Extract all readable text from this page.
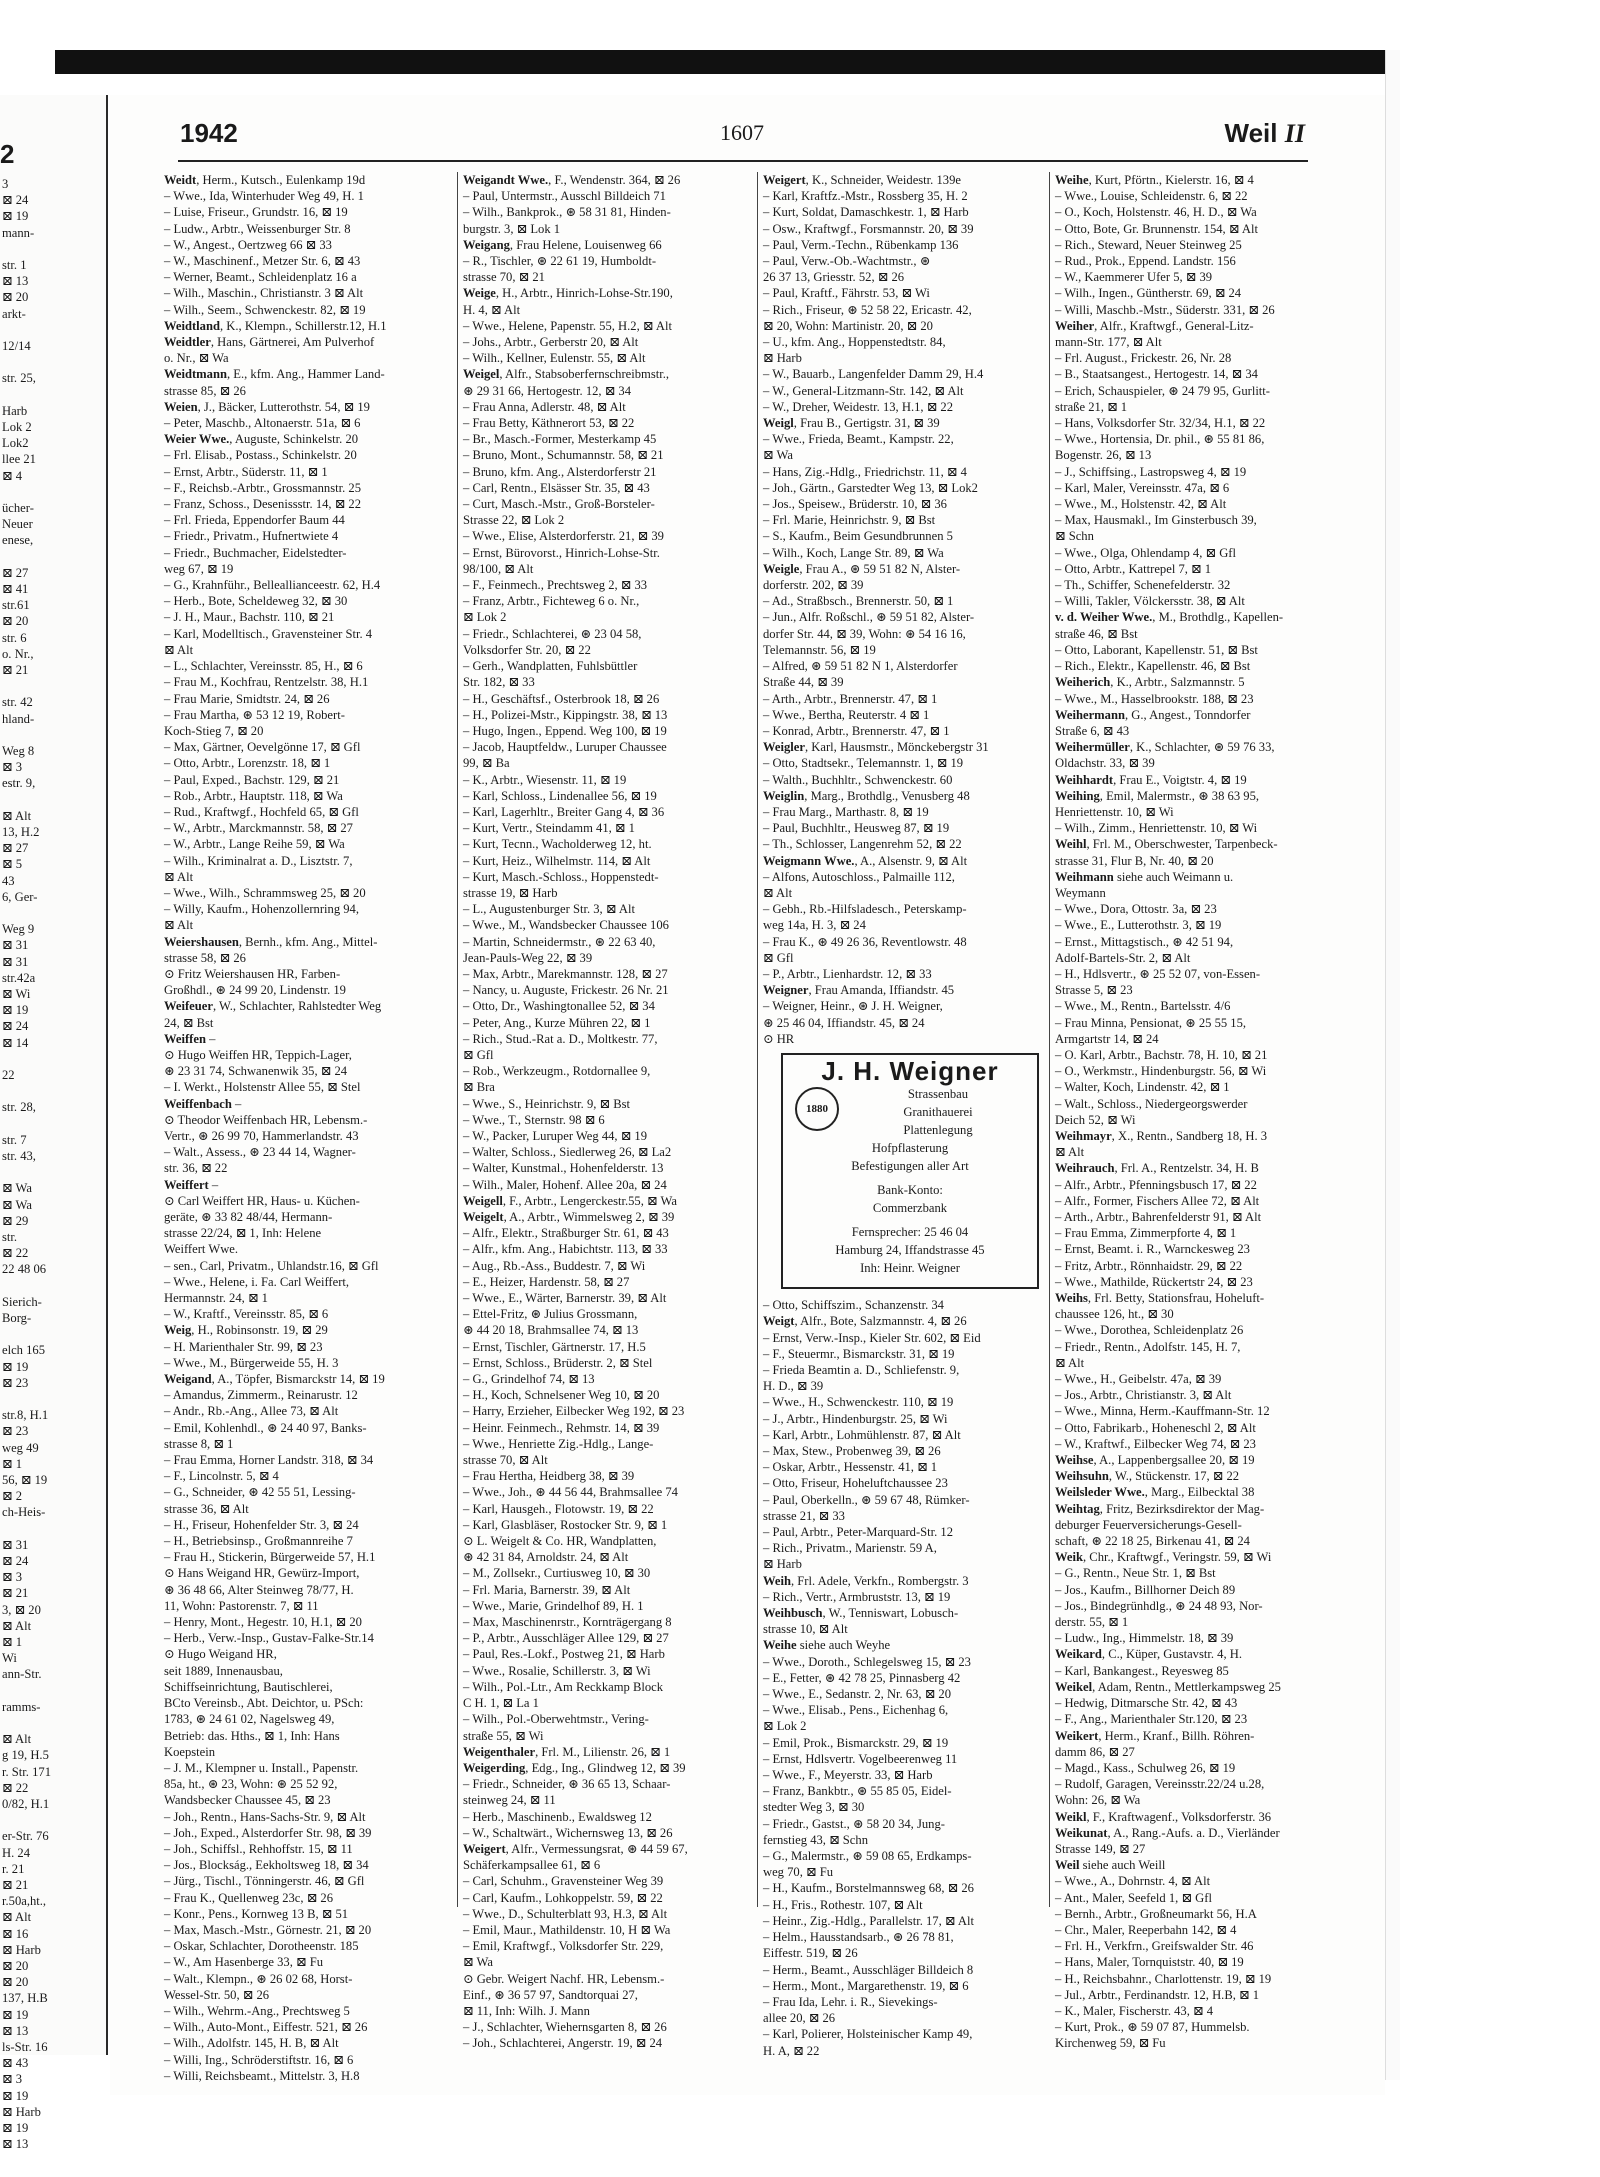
2
3
⊠ 24
⊠ 19
mann-
str. 1
⊠ 13
⊠ 20
arkt-
12/14
str. 25,
Harb
Lok 2
Lok2
llee 21
⊠ 4
ücher-
Neuer
enese,
⊠ 27
⊠ 41
str.61
⊠ 20
str. 6
o. Nr.,
⊠ 21
str. 42
hland-
Weg 8
⊠ 3
estr. 9,
⊠ Alt
13, H.2
⊠ 27
⊠ 5
43
6, Ger-
Weg 9
⊠ 31
⊠ 31
str.42a
⊠ Wi
⊠ 19
⊠ 24
⊠ 14
22
str. 28,
str. 7
str. 43,
⊠ Wa
⊠ Wa
⊠ 29
str.
⊠ 22
22 48 06
Sierich-
Borg-
elch 165
⊠ 19
⊠ 23
str.8, H.1
⊠ 23
weg 49
⊠ 1
56, ⊠ 19
⊠ 2
ch-Heis-
⊠ 31
⊠ 24
⊠ 3
⊠ 21
3, ⊠ 20
⊠ Alt
⊠ 1
Wi
ann-Str.
ramms-
⊠ Alt
g 19, H.5
r. Str. 171
⊠ 22
0/82, H.1
er-Str. 76
H. 24
r. 21
⊠ 21
r.50a,ht.,
⊠ Alt
⊠ 16
⊠ Harb
⊠ 20
⊠ 20
137, H.B
⊠ 19
⊠ 13
ls-Str. 16
⊠ 43
⊠ 3
⊠ 19
⊠ Harb
⊠ 19
⊠ 13
1942	1607	Weil II
Weidt, Herm., Kutsch., Eulenkamp 19d
– Wwe., Ida, Winterhuder Weg 49, H. 1
– Luise, Friseur., Grundstr. 16, ⊠ 19
– Ludw., Arbtr., Weissenburger Str. 8
– W., Angest., Oertzweg 66 ⊠ 33
– W., Maschinenf., Metzer Str. 6, ⊠ 43
– Werner, Beamt., Schleidenplatz 16 a
– Wilh., Maschin., Christianstr. 3 ⊠ Alt
– Wilh., Seem., Schwenckestr. 82, ⊠ 19
Weidtland, K., Klempn., Schillerstr.12, H.1
Weidtler, Hans, Gärtnerei, Am Pulverhof
o. Nr., ⊠ Wa
Weidtmann, E., kfm. Ang., Hammer Land-
strasse 85, ⊠ 26
Weien, J., Bäcker, Lutterothstr. 54, ⊠ 19
– Peter, Maschb., Altonaerstr. 51a, ⊠ 6
Weier Wwe., Auguste, Schinkelstr. 20
– Frl. Elisab., Postass., Schinkelstr. 20
– Ernst, Arbtr., Süderstr. 11, ⊠ 1
– F., Reichsb.-Arbtr., Grossmannstr. 25
– Franz, Schoss., Desenissstr. 14, ⊠ 22
– Frl. Frieda, Eppendorfer Baum 44
– Friedr., Privatm., Hufnertwiete 4
– Friedr., Buchmacher, Eidelstedter-
weg 67, ⊠ 19
– G., Krahnführ., Belleallianceestr. 62, H.4
– Herb., Bote, Scheldeweg 32, ⊠ 30
– J. H., Maur., Bachstr. 110, ⊠ 21
– Karl, Modelltisch., Gravensteiner Str. 4
⊠ Alt
– L., Schlachter, Vereinsstr. 85, H., ⊠ 6
– Frau M., Kochfrau, Rentzelstr. 38, H.1
– Frau Marie, Smidtstr. 24, ⊠ 26
– Frau Martha, ⊛ 53 12 19, Robert-
Koch-Stieg 7, ⊠ 20
– Max, Gärtner, Oevelgönne 17, ⊠ Gfl
– Otto, Arbtr., Lorenzstr. 18, ⊠ 1
– Paul, Exped., Bachstr. 129, ⊠ 21
– Rob., Arbtr., Hauptstr. 118, ⊠ Wa
– Rud., Kraftwgf., Hochfeld 65, ⊠ Gfl
– W., Arbtr., Marckmannstr. 58, ⊠ 27
– W., Arbtr., Lange Reihe 59, ⊠ Wa
– Wilh., Kriminalrat a. D., Lisztstr. 7,
⊠ Alt
– Wwe., Wilh., Schrammsweg 25, ⊠ 20
– Willy, Kaufm., Hohenzollernring 94,
⊠ Alt
Weiershausen, Bernh., kfm. Ang., Mittel-
strasse 58, ⊠ 26
⊙ Fritz Weiershausen HR, Farben-
Großhdl., ⊛ 24 99 20, Lindenstr. 19
Weifeuer, W., Schlachter, Rahlstedter Weg
24, ⊠ Bst
Weiffen –
⊙ Hugo Weiffen HR, Teppich-Lager,
⊛ 23 31 74, Schwanenwik 35, ⊠ 24
– I. Werkt., Holstenstr Allee 55, ⊠ Stel
Weiffenbach –
⊙ Theodor Weiffenbach HR, Lebensm.-
Vertr., ⊛ 26 99 70, Hammerlandstr. 43
– Walt., Assess., ⊛ 23 44 14, Wagner-
str. 36, ⊠ 22
Weiffert –
⊙ Carl Weiffert HR, Haus- u. Küchen-
geräte, ⊛ 33 82 48/44, Hermann-
strasse 22/24, ⊠ 1, Inh: Helene
Weiffert Wwe.
– sen., Carl, Privatm., Uhlandstr.16, ⊠ Gfl
– Wwe., Helene, i. Fa. Carl Weiffert,
Hermannstr. 24, ⊠ 1
– W., Kraftf., Vereinsstr. 85, ⊠ 6
Weig, H., Robinsonstr. 19, ⊠ 29
– H. Marienthaler Str. 99, ⊠ 23
– Wwe., M., Bürgerweide 55, H. 3
Weigand, A., Töpfer, Bismarckstr 14, ⊠ 19
– Amandus, Zimmerm., Reinarustr. 12
– Andr., Rb.-Ang., Allee 73, ⊠ Alt
– Emil, Kohlenhdl., ⊛ 24 40 97, Banks-
strasse 8, ⊠ 1
– Frau Emma, Horner Landstr. 318, ⊠ 34
– F., Lincolnstr. 5, ⊠ 4
– G., Schneider, ⊛ 42 55 51, Lessing-
strasse 36, ⊠ Alt
– H., Friseur, Hohenfelder Str. 3, ⊠ 24
– H., Betriebsinsp., Großmannreihe 7
– Frau H., Stickerin, Bürgerweide 57, H.1
⊙ Hans Weigand HR, Gewürz-Import,
⊛ 36 48 66, Alter Steinweg 78/77, H.
11, Wohn: Pastorenstr. 7, ⊠ 11
– Henry, Mont., Hegestr. 10, H.1, ⊠ 20
– Herb., Verw.-Insp., Gustav-Falke-Str.14
⊙ Hugo Weigand HR,
seit 1889, Innenausbau,
Schiffseinrichtung, Bautischlerei,
BCto Vereinsb., Abt. Deichtor, u. PSch:
1783, ⊛ 24 61 02, Nagelsweg 49,
Betrieb: das. Hths., ⊠ 1, Inh: Hans
Koepstein
– J. M., Klempner u. Install., Papenstr.
85a, ht., ⊛ 23, Wohn: ⊛ 25 52 92,
Wandsbecker Chaussee 45, ⊠ 23
– Joh., Rentn., Hans-Sachs-Str. 9, ⊠ Alt
– Joh., Exped., Alsterdorfer Str. 98, ⊠ 39
– Joh., Schiffsl., Rehhoffstr. 15, ⊠ 11
– Jos., Blockság., Eekholtsweg 18, ⊠ 34
– Jürg., Tischl., Tönningerstr. 46, ⊠ Gfl
– Frau K., Quellenweg 23c, ⊠ 26
– Konr., Pens., Kornweg 13 B, ⊠ 51
– Max, Masch.-Mstr., Görnestr. 21, ⊠ 20
– Oskar, Schlachter, Dorotheenstr. 185
– W., Am Hasenberge 33, ⊠ Fu
– Walt., Klempn., ⊛ 26 02 68, Horst-
Wessel-Str. 50, ⊠ 26
– Wilh., Wehrm.-Ang., Prechtsweg 5
– Wilh., Auto-Mont., Eiffestr. 521, ⊠ 26
– Wilh., Adolfstr. 145, H. B, ⊠ Alt
– Willi, Ing., Schröderstiftstr. 16, ⊠ 6
– Willi, Reichsbeamt., Mittelstr. 3, H.8
Weigandt Wwe., F., Wendenstr. 364, ⊠ 26
– Paul, Untermstr., Ausschl Billdeich 71
– Wilh., Bankprok., ⊛ 58 31 81, Hinden-
burgstr. 3, ⊠ Lok 1
Weigang, Frau Helene, Louisenweg 66
– R., Tischler, ⊛ 22 61 19, Humboldt-
strasse 70, ⊠ 21
Weige, H., Arbtr., Hinrich-Lohse-Str.190,
H. 4, ⊠ Alt
– Wwe., Helene, Papenstr. 55, H.2, ⊠ Alt
– Johs., Arbtr., Gerberstr 20, ⊠ Alt
– Wilh., Kellner, Eulenstr. 55, ⊠ Alt
Weigel, Alfr., Stabsoberfernschreibmstr.,
⊛ 29 31 66, Hertogestr. 12, ⊠ 34
– Frau Anna, Adlerstr. 48, ⊠ Alt
– Frau Betty, Käthnerort 53, ⊠ 22
– Br., Masch.-Former, Mesterkamp 45
– Bruno, Mont., Schumannstr. 58, ⊠ 21
– Bruno, kfm. Ang., Alsterdorferstr 21
– Carl, Rentn., Elsässer Str. 35, ⊠ 43
– Curt, Masch.-Mstr., Groß-Borsteler-
Strasse 22, ⊠ Lok 2
– Wwe., Elise, Alsterdorferstr. 21, ⊠ 39
– Ernst, Bürovorst., Hinrich-Lohse-Str.
98/100, ⊠ Alt
– F., Feinmech., Prechtsweg 2, ⊠ 33
– Franz, Arbtr., Fichteweg 6 o. Nr.,
⊠ Lok 2
– Friedr., Schlachterei, ⊛ 23 04 58,
Volksdorfer Str. 20, ⊠ 22
– Gerh., Wandplatten, Fuhlsbüttler
Str. 182, ⊠ 33
– H., Geschäftsf., Osterbrook 18, ⊠ 26
– H., Polizei-Mstr., Kippingstr. 38, ⊠ 13
– Hugo, Ingen., Eppend. Weg 100, ⊠ 19
– Jacob, Hauptfeldw., Luruper Chaussee
99, ⊠ Ba
– K., Arbtr., Wiesenstr. 11, ⊠ 19
– Karl, Schloss., Lindenallee 56, ⊠ 19
– Karl, Lagerhltr., Breiter Gang 4, ⊠ 36
– Kurt, Vertr., Steindamm 41, ⊠ 1
– Kurt, Tecnn., Wacholderweg 12, ht.
– Kurt, Heiz., Wilhelmstr. 114, ⊠ Alt
– Kurt, Masch.-Schloss., Hoppenstedt-
strasse 19, ⊠ Harb
– L., Augustenburger Str. 3, ⊠ Alt
– Wwe., M., Wandsbecker Chaussee 106
– Martin, Schneidermstr., ⊛ 22 63 40,
Jean-Pauls-Weg 22, ⊠ 39
– Max, Arbtr., Marekmannstr. 128, ⊠ 27
– Nancy, u. Auguste, Frickestr. 26 Nr. 21
– Otto, Dr., Washingtonallee 52, ⊠ 34
– Peter, Ang., Kurze Mühren 22, ⊠ 1
– Rich., Stud.-Rat a. D., Moltkestr. 77,
⊠ Gfl
– Rob., Werkzeugm., Rotdornallee 9,
⊠ Bra
– Wwe., S., Heinrichstr. 9, ⊠ Bst
– Wwe., T., Sternstr. 98 ⊠ 6
– W., Packer, Luruper Weg 44, ⊠ 19
– Walter, Schloss., Siedlerweg 26, ⊠ La2
– Walter, Kunstmal., Hohenfelderstr. 13
– Wilh., Maler, Hohenf. Allee 20a, ⊠ 24
Weigell, F., Arbtr., Lengerckestr.55, ⊠ Wa
Weigelt, A., Arbtr., Wimmelsweg 2, ⊠ 39
– Alfr., Elektr., Straßburger Str. 61, ⊠ 43
– Alfr., kfm. Ang., Habichtstr. 113, ⊠ 33
– Aug., Rb.-Ass., Buddestr. 7, ⊠ Wi
– E., Heizer, Hardenstr. 58, ⊠ 27
– Wwe., E., Wärter, Barnerstr. 39, ⊠ Alt
– Ettel-Fritz, ⊛ Julius Grossmann,
⊛ 44 20 18, Brahmsallee 74, ⊠ 13
– Ernst, Tischler, Gärtnerstr. 17, H.5
– Ernst, Schloss., Brüderstr. 2, ⊠ Stel
– G., Grindelhof 74, ⊠ 13
– H., Koch, Schnelsener Weg 10, ⊠ 20
– Harry, Erzieher, Eilbecker Weg 192, ⊠ 23
– Heinr. Feinmech., Rehmstr. 14, ⊠ 39
– Wwe., Henriette Zig.-Hdlg., Lange-
strasse 70, ⊠ Alt
– Frau Hertha, Heidberg 38, ⊠ 39
– Wwe., Joh., ⊛ 44 56 44, Brahmsallee 74
– Karl, Hausgeh., Flotowstr. 19, ⊠ 22
– Karl, Glasbläser, Rostocker Str. 9, ⊠ 1
⊙ L. Weigelt & Co. HR, Wandplatten,
⊛ 42 31 84, Arnoldstr. 24, ⊠ Alt
– M., Zollsekr., Curtiusweg 10, ⊠ 30
– Frl. Maria, Barnerstr. 39, ⊠ Alt
– Wwe., Marie, Grindelhof 89, H. 1
– Max, Maschinenrstr., Kornträgergang 8
– P., Arbtr., Ausschläger Allee 129, ⊠ 27
– Paul, Res.-Lokf., Postweg 21, ⊠ Harb
– Wwe., Rosalie, Schillerstr. 3, ⊠ Wi
– Wilh., Pol.-Ltr., Am Reckkamp Block
C H. 1, ⊠ La 1
– Wilh., Pol.-Oberwehtmstr., Vering-
straße 55, ⊠ Wi
Weigenthaler, Frl. M., Lilienstr. 26, ⊠ 1
Weigerding, Edg., Ing., Glindweg 12, ⊠ 39
– Friedr., Schneider, ⊛ 36 65 13, Schaar-
steinweg 24, ⊠ 11
– Herb., Maschinenb., Ewaldsweg 12
– W., Schaltwärt., Wichernsweg 13, ⊠ 26
Weigert, Alfr., Vermessungsrat, ⊛ 44 59 67,
Schäferkampsallee 61, ⊠ 6
– Carl, Schuhm., Gravensteiner Weg 39
– Carl, Kaufm., Lohkoppelstr. 59, ⊠ 22
– Wwe., D., Schulterblatt 93, H.3, ⊠ Alt
– Emil, Maur., Mathildenstr. 10, H ⊠ Wa
– Emil, Kraftwgf., Volksdorfer Str. 229,
⊠ Wa
⊙ Gebr. Weigert Nachf. HR, Lebensm.-
Einf., ⊛ 36 57 97, Sandtorquai 27,
⊠ 11, Inh: Wilh. J. Mann
– J., Schlachter, Wiehernsgarten 8, ⊠ 26
– Joh., Schlachterei, Angerstr. 19, ⊠ 24
Weigert, K., Schneider, Weidestr. 139e
– Karl, Kraftfz.-Mstr., Rossberg 35, H. 2
– Kurt, Soldat, Damaschkestr. 1, ⊠ Harb
– Osw., Kraftwgf., Forsmannstr. 20, ⊠ 39
– Paul, Verm.-Techn., Rübenkamp 136
– Paul, Verw.-Ob.-Wachtmstr., ⊛
26 37 13, Griesstr. 52, ⊠ 26
– Paul, Kraftf., Fährstr. 53, ⊠ Wi
– Rich., Friseur, ⊛ 52 58 22, Ericastr. 42,
⊠ 20, Wohn: Martinistr. 20, ⊠ 20
– U., kfm. Ang., Hoppenstedtstr. 84,
⊠ Harb
– W., Bauarb., Langenfelder Damm 29, H.4
– W., General-Litzmann-Str. 142, ⊠ Alt
– W., Dreher, Weidestr. 13, H.1, ⊠ 22
Weigl, Frau B., Gertigstr. 31, ⊠ 39
– Wwe., Frieda, Beamt., Kampstr. 22,
⊠ Wa
– Hans, Zig.-Hdlg., Friedrichstr. 11, ⊠ 4
– Joh., Gärtn., Garstedter Weg 13, ⊠ Lok2
– Jos., Speisew., Brüderstr. 10, ⊠ 36
– Frl. Marie, Heinrichstr. 9, ⊠ Bst
– S., Kaufm., Beim Gesundbrunnen 5
– Wilh., Koch, Lange Str. 89, ⊠ Wa
Weigle, Frau A., ⊛ 59 51 82 N, Alster-
dorferstr. 202, ⊠ 39
– Ad., Straßbsch., Brennerstr. 50, ⊠ 1
– Jun., Alfr. Roßschl., ⊛ 59 51 82, Alster-
dorfer Str. 44, ⊠ 39, Wohn: ⊛ 54 16 16,
Telemannstr. 56, ⊠ 19
– Alfred, ⊛ 59 51 82 N 1, Alsterdorfer
Straße 44, ⊠ 39
– Arth., Arbtr., Brennerstr. 47, ⊠ 1
– Wwe., Bertha, Reuterstr. 4 ⊠ 1
– Konrad, Arbtr., Brennerstr. 47, ⊠ 1
Weigler, Karl, Hausmstr., Mönckebergstr 31
– Otto, Stadtsekr., Telemannstr. 1, ⊠ 19
– Walth., Buchhltr., Schwenckestr. 60
Weiglin, Marg., Brothdlg., Venusberg 48
– Frau Marg., Marthastr. 8, ⊠ 19
– Paul, Buchhltr., Heusweg 87, ⊠ 19
– Th., Schlosser, Langenrehm 52, ⊠ 22
Weigmann Wwe., A., Alsenstr. 9, ⊠ Alt
– Alfons, Autoschloss., Palmaille 112,
⊠ Alt
– Gebh., Rb.-Hilfsladesch., Peterskamp-
weg 14a, H. 3, ⊠ 24
– Frau K., ⊛ 49 26 36, Reventlowstr. 48
⊠ Gfl
– P., Arbtr., Lienhardstr. 12, ⊠ 33
Weigner, Frau Amanda, Iffiandstr. 45
– Weigner, Heinr., ⊛ J. H. Weigner,
⊛ 25 46 04, Iffiandstr. 45, ⊠ 24
⊙ HR
J. H. Weigner
1880
Strassenbau
Granithauerei
Plattenlegung
Hofpflasterung
Befestigungen aller Art
Bank-Konto:
Commerzbank
Fernsprecher: 25 46 04
Hamburg 24, Iffandstrasse 45
Inh: Heinr. Weigner
– Otto, Schiffszim., Schanzenstr. 34
Weigt, Alfr., Bote, Salzmannstr. 4, ⊠ 26
– Ernst, Verw.-Insp., Kieler Str. 602, ⊠ Eid
– F., Steuermr., Bismarckstr. 31, ⊠ 19
– Frieda Beamtin a. D., Schliefenstr. 9,
H. D., ⊠ 39
– Wwe., H., Schwenckestr. 110, ⊠ 19
– J., Arbtr., Hindenburgstr. 25, ⊠ Wi
– Karl, Arbtr., Lohmühlenstr. 87, ⊠ Alt
– Max, Stew., Probenweg 39, ⊠ 26
– Oskar, Arbtr., Hessenstr. 41, ⊠ 1
– Otto, Friseur, Hoheluftchaussee 23
– Paul, Oberkelln., ⊛ 59 67 48, Rümker-
strasse 21, ⊠ 33
– Paul, Arbtr., Peter-Marquard-Str. 12
– Rich., Privatm., Marienstr. 59 A,
⊠ Harb
Weih, Frl. Adele, Verkfn., Rombergstr. 3
– Rich., Vertr., Armbruststr. 13, ⊠ 19
Weihbusch, W., Tenniswart, Lobusch-
strasse 10, ⊠ Alt
Weihe siehe auch Weyhe
– Wwe., Doroth., Schlegelsweg 15, ⊠ 23
– E., Fetter, ⊛ 42 78 25, Pinnasberg 42
– Wwe., E., Sedanstr. 2, Nr. 63, ⊠ 20
– Wwe., Elisab., Pens., Eichenhag 6,
⊠ Lok 2
– Emil, Prok., Bismarckstr. 29, ⊠ 19
– Ernst, Hdlsvertr. Vogelbeerenweg 11
– Wwe., F., Meyerstr. 33, ⊠ Harb
– Franz, Bankbtr., ⊛ 55 85 05, Eidel-
stedter Weg 3, ⊠ 30
– Friedr., Gastst., ⊛ 58 20 34, Jung-
fernstieg 43, ⊠ Schn
– G., Malermstr., ⊛ 59 08 65, Erdkamps-
weg 70, ⊠ Fu
– H., Kaufm., Borstelmannsweg 68, ⊠ 26
– H., Fris., Rothestr. 107, ⊠ Alt
– Heinr., Zig.-Hdlg., Parallelstr. 17, ⊠ Alt
– Helm., Hausstandsarb., ⊛ 26 78 81,
Eiffestr. 519, ⊠ 26
– Herm., Beamt., Ausschläger Billdeich 8
– Herm., Mont., Margarethenstr. 19, ⊠ 6
– Frau Ida, Lehr. i. R., Sievekings-
allee 20, ⊠ 26
– Karl, Polierer, Holsteinischer Kamp 49,
H. A, ⊠ 22
Weihe, Kurt, Pförtn., Kielerstr. 16, ⊠ 4
– Wwe., Louise, Schleidenstr. 6, ⊠ 22
– O., Koch, Holstenstr. 46, H. D., ⊠ Wa
– Otto, Bote, Gr. Brunnenstr. 154, ⊠ Alt
– Rich., Steward, Neuer Steinweg 25
– Rud., Prok., Eppend. Landstr. 156
– W., Kaemmerer Ufer 5, ⊠ 39
– Wilh., Ingen., Güntherstr. 69, ⊠ 24
– Willi, Maschb.-Mstr., Süderstr. 331, ⊠ 26
Weiher, Alfr., Kraftwgf., General-Litz-
mann-Str. 177, ⊠ Alt
– Frl. August., Frickestr. 26, Nr. 28
– B., Staatsangest., Hertogestr. 14, ⊠ 34
– Erich, Schauspieler, ⊛ 24 79 95, Gurlitt-
straße 21, ⊠ 1
– Hans, Volksdorfer Str. 32/34, H.1, ⊠ 22
– Wwe., Hortensia, Dr. phil., ⊛ 55 81 86,
Bogenstr. 26, ⊠ 13
– J., Schiffsing., Lastropsweg 4, ⊠ 19
– Karl, Maler, Vereinsstr. 47a, ⊠ 6
– Wwe., M., Holstenstr. 42, ⊠ Alt
– Max, Hausmakl., Im Ginsterbusch 39,
⊠ Schn
– Wwe., Olga, Ohlendamp 4, ⊠ Gfl
– Otto, Arbtr., Kattrepel 7, ⊠ 1
– Th., Schiffer, Schenefelderstr. 32
– Willi, Takler, Völckersstr. 38, ⊠ Alt
v. d. Weiher Wwe., M., Brothdlg., Kapellen-
straße 46, ⊠ Bst
– Otto, Laborant, Kapellenstr. 51, ⊠ Bst
– Rich., Elektr., Kapellenstr. 46, ⊠ Bst
Weiherich, K., Arbtr., Salzmannstr. 5
– Wwe., M., Hasselbrookstr. 188, ⊠ 23
Weihermann, G., Angest., Tonndorfer
Straße 6, ⊠ 43
Weihermüller, K., Schlachter, ⊛ 59 76 33,
Oldachstr. 33, ⊠ 39
Weihhardt, Frau E., Voigtstr. 4, ⊠ 19
Weihing, Emil, Malermstr., ⊛ 38 63 95,
Henriettenstr. 10, ⊠ Wi
– Wilh., Zimm., Henriettenstr. 10, ⊠ Wi
Weihl, Frl. M., Oberschwester, Tarpenbeck-
strasse 31, Flur B, Nr. 40, ⊠ 20
Weihmann siehe auch Weimann u.
Weymann
– Wwe., Dora, Ottostr. 3a, ⊠ 23
– Wwe., E., Lutterothstr. 3, ⊠ 19
– Ernst., Mittagstisch., ⊛ 42 51 94,
Adolf-Bartels-Str. 2, ⊠ Alt
– H., Hdlsvertr., ⊛ 25 52 07, von-Essen-
Strasse 5, ⊠ 23
– Wwe., M., Rentn., Bartelsstr. 4/6
– Frau Minna, Pensionat, ⊛ 25 55 15,
Armgartstr 14, ⊠ 24
– O. Karl, Arbtr., Bachstr. 78, H. 10, ⊠ 21
– O., Werkmstr., Hindenburgstr. 56, ⊠ Wi
– Walter, Koch, Lindenstr. 42, ⊠ 1
– Walt., Schloss., Niedergeorgswerder
Deich 52, ⊠ Wi
Weihmayr, X., Rentn., Sandberg 18, H. 3
⊠ Alt
Weihrauch, Frl. A., Rentzelstr. 34, H. B
– Alfr., Arbtr., Pfenningsbusch 17, ⊠ 22
– Alfr., Former, Fischers Allee 72, ⊠ Alt
– Arth., Arbtr., Bahrenfelderstr 91, ⊠ Alt
– Frau Emma, Zimmerpforte 4, ⊠ 1
– Ernst, Beamt. i. R., Warnckesweg 23
– Fritz, Arbtr., Rönnhaidstr. 29, ⊠ 22
– Wwe., Mathilde, Rückertstr 24, ⊠ 23
Weihs, Frl. Betty, Stationsfrau, Hoheluft-
chaussee 126, ht., ⊠ 30
– Wwe., Dorothea, Schleidenplatz 26
– Friedr., Rentn., Adolfstr. 145, H. 7,
⊠ Alt
– Wwe., H., Geibelstr. 47a, ⊠ 39
– Jos., Arbtr., Christianstr. 3, ⊠ Alt
– Wwe., Minna, Herm.-Kauffmann-Str. 12
– Otto, Fabrikarb., Hoheneschl 2, ⊠ Alt
– W., Kraftwf., Eilbecker Weg 74, ⊠ 23
Weihse, A., Lappenbergsallee 20, ⊠ 19
Weihsuhn, W., Stückenstr. 17, ⊠ 22
Weilsleder Wwe., Marg., Eilbecktal 38
Weihtag, Fritz, Bezirksdirektor der Mag-
deburger Feuerversicherungs-Gesell-
schaft, ⊛ 22 18 25, Birkenau 41, ⊠ 24
Weik, Chr., Kraftwgf., Veringstr. 59, ⊠ Wi
– G., Rentn., Neue Str. 1, ⊠ Bst
– Jos., Kaufm., Billhorner Deich 89
– Jos., Bindegrünhdlg., ⊛ 24 48 93, Nor-
derstr. 55, ⊠ 1
– Ludw., Ing., Himmelstr. 18, ⊠ 39
Weikard, C., Küper, Gustavstr. 4, H.
– Karl, Bankangest., Reyesweg 85
Weikel, Adam, Rentn., Mettlerkampsweg 25
– Hedwig, Ditmarsche Str. 42, ⊠ 43
– F., Ang., Marienthaler Str.120, ⊠ 23
Weikert, Herm., Kranf., Billh. Röhren-
damm 86, ⊠ 27
– Magd., Kass., Schulweg 26, ⊠ 19
– Rudolf, Garagen, Vereinsstr.22/24 u.28,
Wohn: 26, ⊠ Wa
Weikl, F., Kraftwagenf., Volksdorferstr. 36
Weikunat, A., Rang.-Aufs. a. D., Vierländer
Strasse 149, ⊠ 27
Weil siehe auch Weill
– Wwe., A., Dohrnstr. 4, ⊠ Alt
– Ant., Maler, Seefeld 1, ⊠ Gfl
– Bernh., Arbtr., Großneumarkt 56, H.A
– Chr., Maler, Reeperbahn 142, ⊠ 4
– Frl. H., Verkfrn., Greifswalder Str. 46
– Hans, Maler, Tornquiststr. 40, ⊠ 19
– H., Reichsbahnr., Charlottenstr. 19, ⊠ 19
– Jul., Arbtr., Ferdinandstr. 12, H.B, ⊠ 1
– K., Maler, Fischerstr. 43, ⊠ 4
– Kurt, Prok., ⊛ 59 07 87, Hummelsb.
Kirchenweg 59, ⊠ Fu
